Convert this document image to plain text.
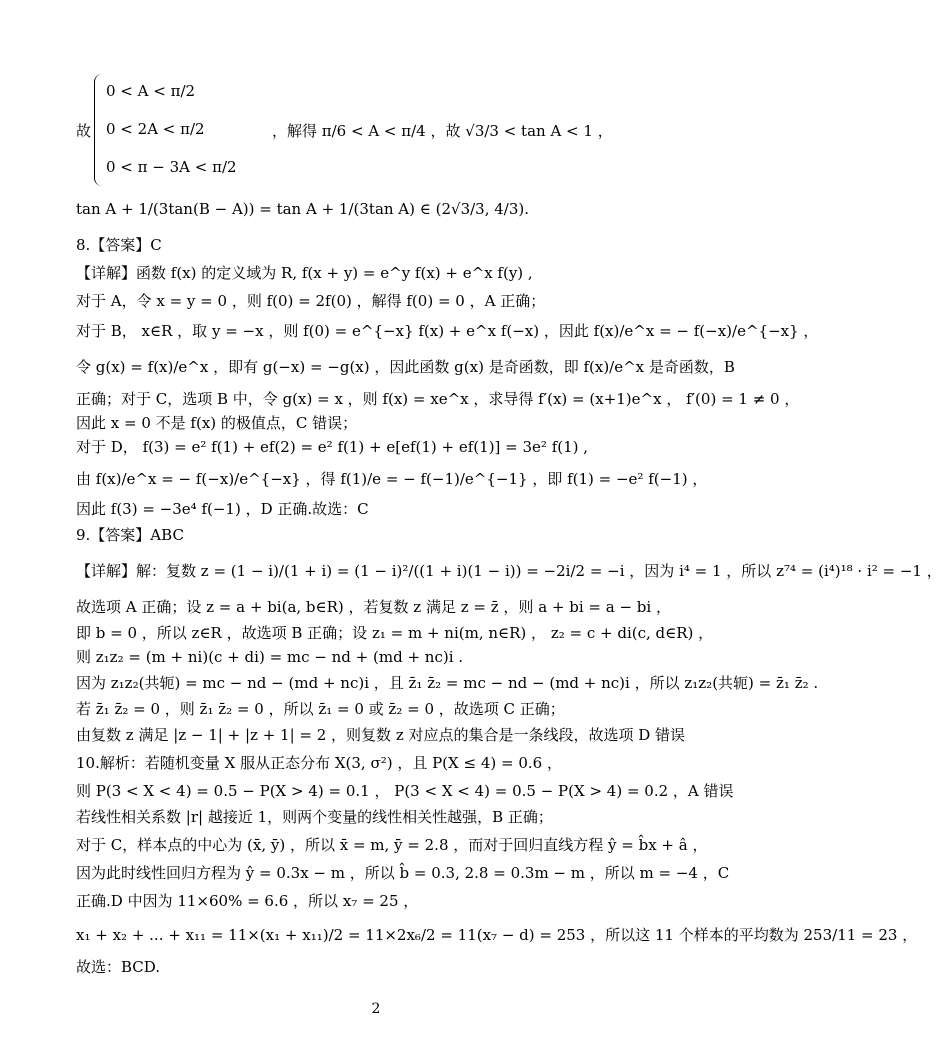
故
0 < A < π/2
0 < 2A < π/2
0 < π − 3A < π/2
，解得 π/6 < A < π/4 ，故 √3/3 < tan A < 1 ，
tan A + 1/(3tan(B − A)) = tan A + 1/(3tan A) ∈ (2√3/3, 4/3).
8.【答案】C
【详解】函数 f(x) 的定义域为 R, f(x + y) = e^y f(x) + e^x f(y) ,
对于 A，令 x = y = 0 ，则 f(0) = 2f(0) ，解得 f(0) = 0 ，A 正确；
对于 B， x∈R ，取 y = −x ，则 f(0) = e^{−x} f(x) + e^x f(−x) ，因此 f(x)/e^x = − f(−x)/e^{−x} ，
令 g(x) = f(x)/e^x ，即有 g(−x) = −g(x) ，因此函数 g(x) 是奇函数，即 f(x)/e^x 是奇函数，B
正确；对于 C，选项 B 中，令 g(x) = x ，则 f(x) = xe^x ，求导得 f′(x) = (x+1)e^x ， f′(0) = 1 ≠ 0 ，
因此 x = 0 不是 f(x) 的极值点，C 错误；
对于 D， f(3) = e² f(1) + ef(2) = e² f(1) + e[ef(1) + ef(1)] = 3e² f(1) ,
由 f(x)/e^x = − f(−x)/e^{−x} ，得 f(1)/e = − f(−1)/e^{−1} ，即 f(1) = −e² f(−1) ，
因此 f(3) = −3e⁴ f(−1) ，D 正确.故选：C
9.【答案】ABC
【详解】解：复数 z = (1 − i)/(1 + i) = (1 − i)²/((1 + i)(1 − i)) = −2i/2 = −i ，因为 i⁴ = 1 ，所以 z⁷⁴ = (i⁴)¹⁸ · i² = −1 ，
故选项 A 正确；设 z = a + bi(a, b∈R) ，若复数 z 满足 z = z̄ ，则 a + bi = a − bi ，
即 b = 0 ，所以 z∈R ，故选项 B 正确；设 z₁ = m + ni(m, n∈R) ， z₂ = c + di(c, d∈R) ，
则 z₁z₂ = (m + ni)(c + di) = mc − nd + (md + nc)i .
因为 z₁z₂(共轭) = mc − nd − (md + nc)i ，且 z̄₁ z̄₂ = mc − nd − (md + nc)i ，所以 z₁z₂(共轭) = z̄₁ z̄₂ .
若 z̄₁ z̄₂ = 0 ，则 z̄₁ z̄₂ = 0 ，所以 z̄₁ = 0 或 z̄₂ = 0 ，故选项 C 正确；
由复数 z 满足 |z − 1| + |z + 1| = 2 ，则复数 z 对应点的集合是一条线段，故选项 D 错误
10.解析：若随机变量 X 服从正态分布 X(3, σ²) ，且 P(X ≤ 4) = 0.6 ，
则 P(3 < X < 4) = 0.5 − P(X > 4) = 0.1 ， P(3 < X < 4) = 0.5 − P(X > 4) = 0.2 ，A 错误
若线性相关系数 |r| 越接近 1，则两个变量的线性相关性越强，B 正确；
对于 C，样本点的中心为 (x̄, ȳ) ，所以 x̄ = m, ȳ = 2.8 ，而对于回归直线方程 ŷ = b̂x + â ，
因为此时线性回归方程为 ŷ = 0.3x − m ，所以 b̂ = 0.3, 2.8 = 0.3m − m ，所以 m = −4 ，C
正确.D 中因为 11×60% = 6.6 ，所以 x₇ = 25 ，
x₁ + x₂ + ... + x₁₁ = 11×(x₁ + x₁₁)/2 = 11×2x₆/2 = 11(x₇ − d) = 253 ，所以这 11 个样本的平均数为 253/11 = 23 ，
故选：BCD.
2
